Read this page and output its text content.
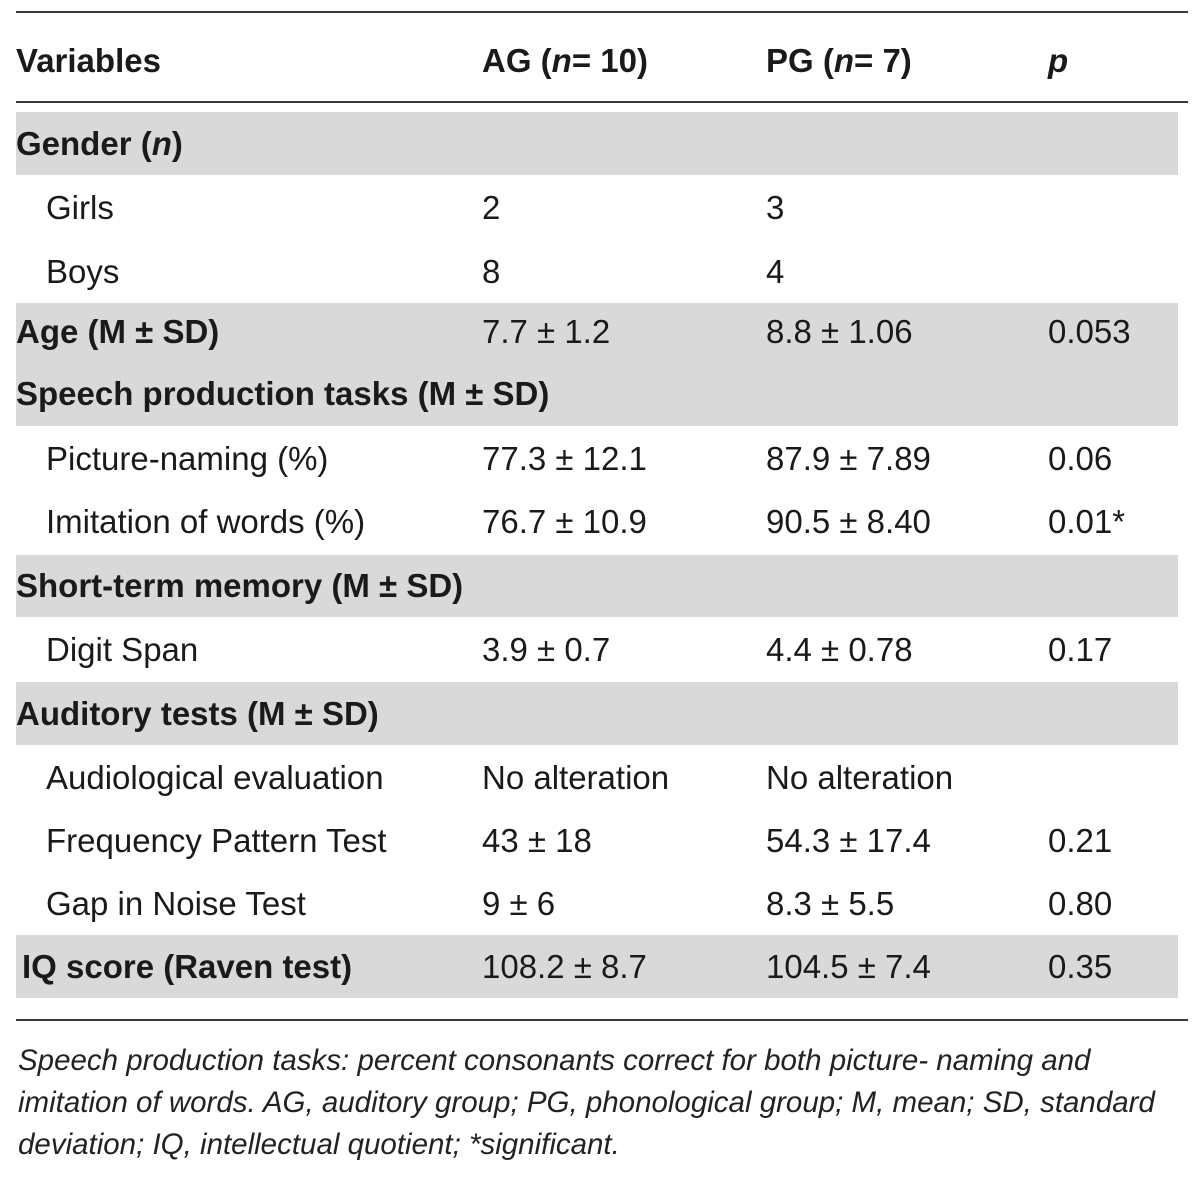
Variables	AG ( n = 10)	PG ( n = 7)	p
Gender ( n )
Girls	2	3
Boys	8	4
Age (M ± SD)	7.7 ± 1.2	8.8 ± 1.06	0.053
Speech production tasks (M ± SD)
Picture-naming (%)	77.3 ± 12.1	87.9 ± 7.89	0.06
Imitation of words (%)	76.7 ± 10.9	90.5 ± 8.40	0.01*
Short-term memory (M ± SD)
Digit Span	3.9 ± 0.7	4.4 ± 0.78	0.17
Auditory tests (M ± SD)
Audiological evaluation	No alteration	No alteration
Frequency Pattern Test	43 ± 18	54.3 ± 17.4	0.21
Gap in Noise Test	9 ± 6	8.3 ± 5.5	0.80
IQ score (Raven test)	108.2 ± 8.7	104.5 ± 7.4	0.35
Speech production tasks: percent consonants correct for both picture- naming and imitation of words. AG, auditory group; PG, phonological group; M, mean; SD, standard deviation; IQ, intellectual quotient; *significant.
